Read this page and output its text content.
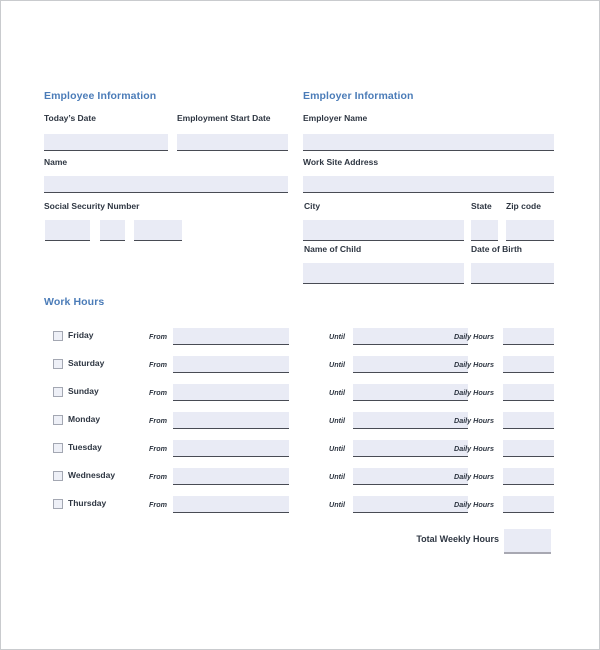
Employee Information
Today’s Date	Employment Start Date
Name
Social Security Number
Employer Information
Employer Name
Work Site Address
City	State Zip code
Name of Child	Date of Birth
Work Hours
Friday	From	Until	Daily Hours
Saturday	From	Until	Daily Hours
Sunday	From	Until	Daily Hours
Monday	From	Until	Daily Hours
Tuesday	From	Until	Daily Hours
Wednesday	From	Until	Daily Hours
Thursday	From	Until	Daily Hours
Total Weekly Hours
